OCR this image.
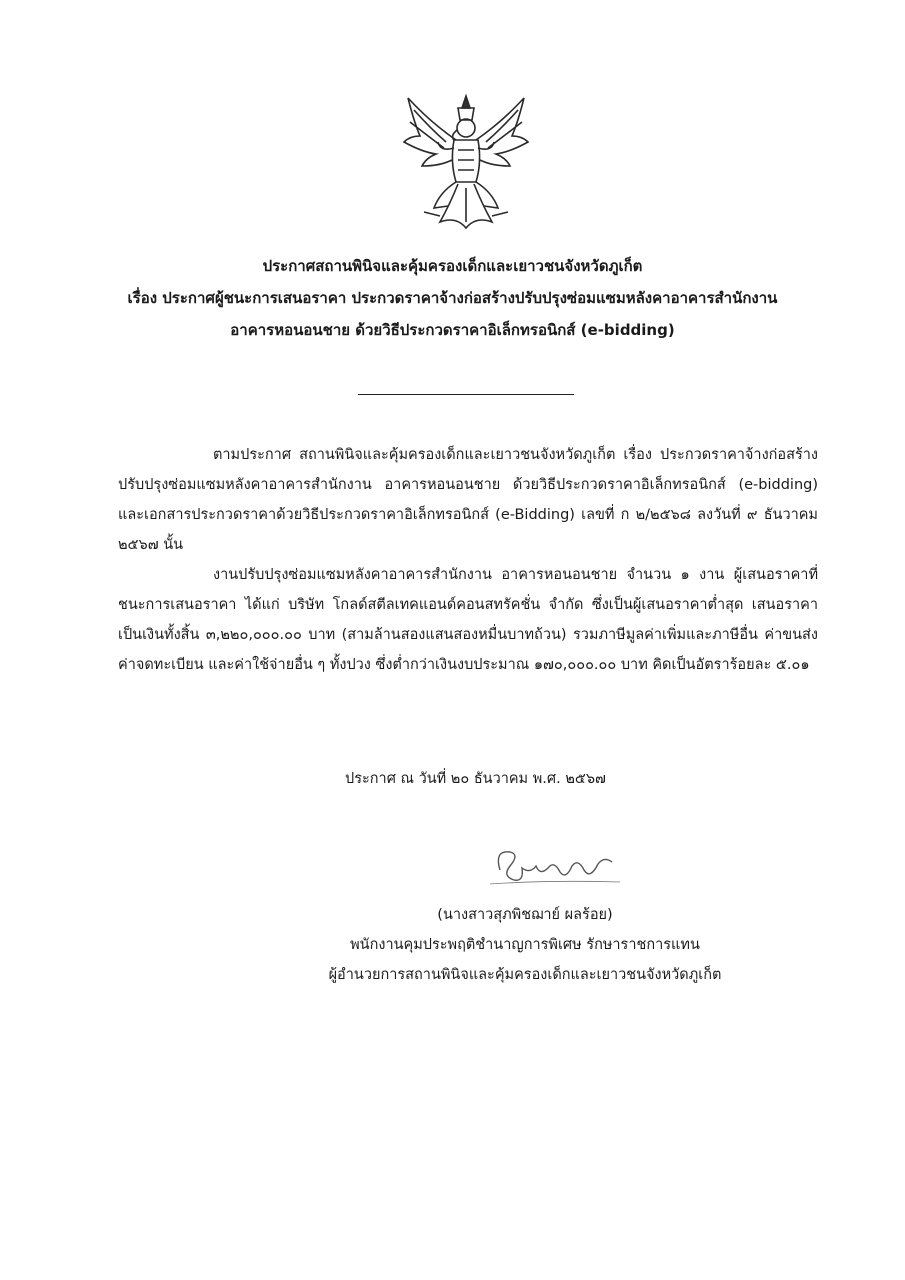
ประกาศสถานพินิจและคุ้มครองเด็กและเยาวชนจังหวัดภูเก็ต
เรื่อง ประกาศผู้ชนะการเสนอราคา ประกวดราคาจ้างก่อสร้างปรับปรุงซ่อมแซมหลังคาอาคารสำนักงาน
อาคารหอนอนชาย ด้วยวิธีประกวดราคาอิเล็กทรอนิกส์ (e-bidding)

ตามประกาศ สถานพินิจและคุ้มครองเด็กและเยาวชนจังหวัดภูเก็ต เรื่อง ประกวดราคาจ้างก่อสร้างปรับปรุงซ่อมแซมหลังคาอาคารสำนักงาน อาคารหอนอนชาย ด้วยวิธีประกวดราคาอิเล็กทรอนิกส์ (e-bidding) และเอกสารประกวดราคาด้วยวิธีประกวดราคาอิเล็กทรอนิกส์ (e-Bidding) เลขที่ ก ๒/๒๕๖๘ ลงวันที่ ๙ ธันวาคม ๒๕๖๗ นั้น

งานปรับปรุงซ่อมแซมหลังคาอาคารสำนักงาน อาคารหอนอนชาย จำนวน ๑ งาน ผู้เสนอราคาที่ชนะการเสนอราคา ได้แก่ บริษัท โกลด์สตีลเทคแอนด์คอนสทรัคชั่น จำกัด ซึ่งเป็นผู้เสนอราคาต่ำสุด เสนอราคาเป็นเงินทั้งสิ้น ๓,๒๒๐,๐๐๐.๐๐ บาท (สามล้านสองแสนสองหมื่นบาทถ้วน) รวมภาษีมูลค่าเพิ่มและภาษีอื่น ค่าขนส่ง ค่าจดทะเบียน และค่าใช้จ่ายอื่น ๆ ทั้งปวง ซึ่งต่ำกว่าเงินงบประมาณ ๑๗๐,๐๐๐.๐๐ บาท คิดเป็นอัตราร้อยละ ๕.๐๑

ประกาศ ณ วันที่ ๒๐ ธันวาคม พ.ศ. ๒๕๖๗
(นางสาวสุภพิชฌาย์ ผลร้อย)
พนักงานคุมประพฤติชำนาญการพิเศษ รักษาราชการแทน
ผู้อำนวยการสถานพินิจและคุ้มครองเด็กและเยาวชนจังหวัดภูเก็ต
